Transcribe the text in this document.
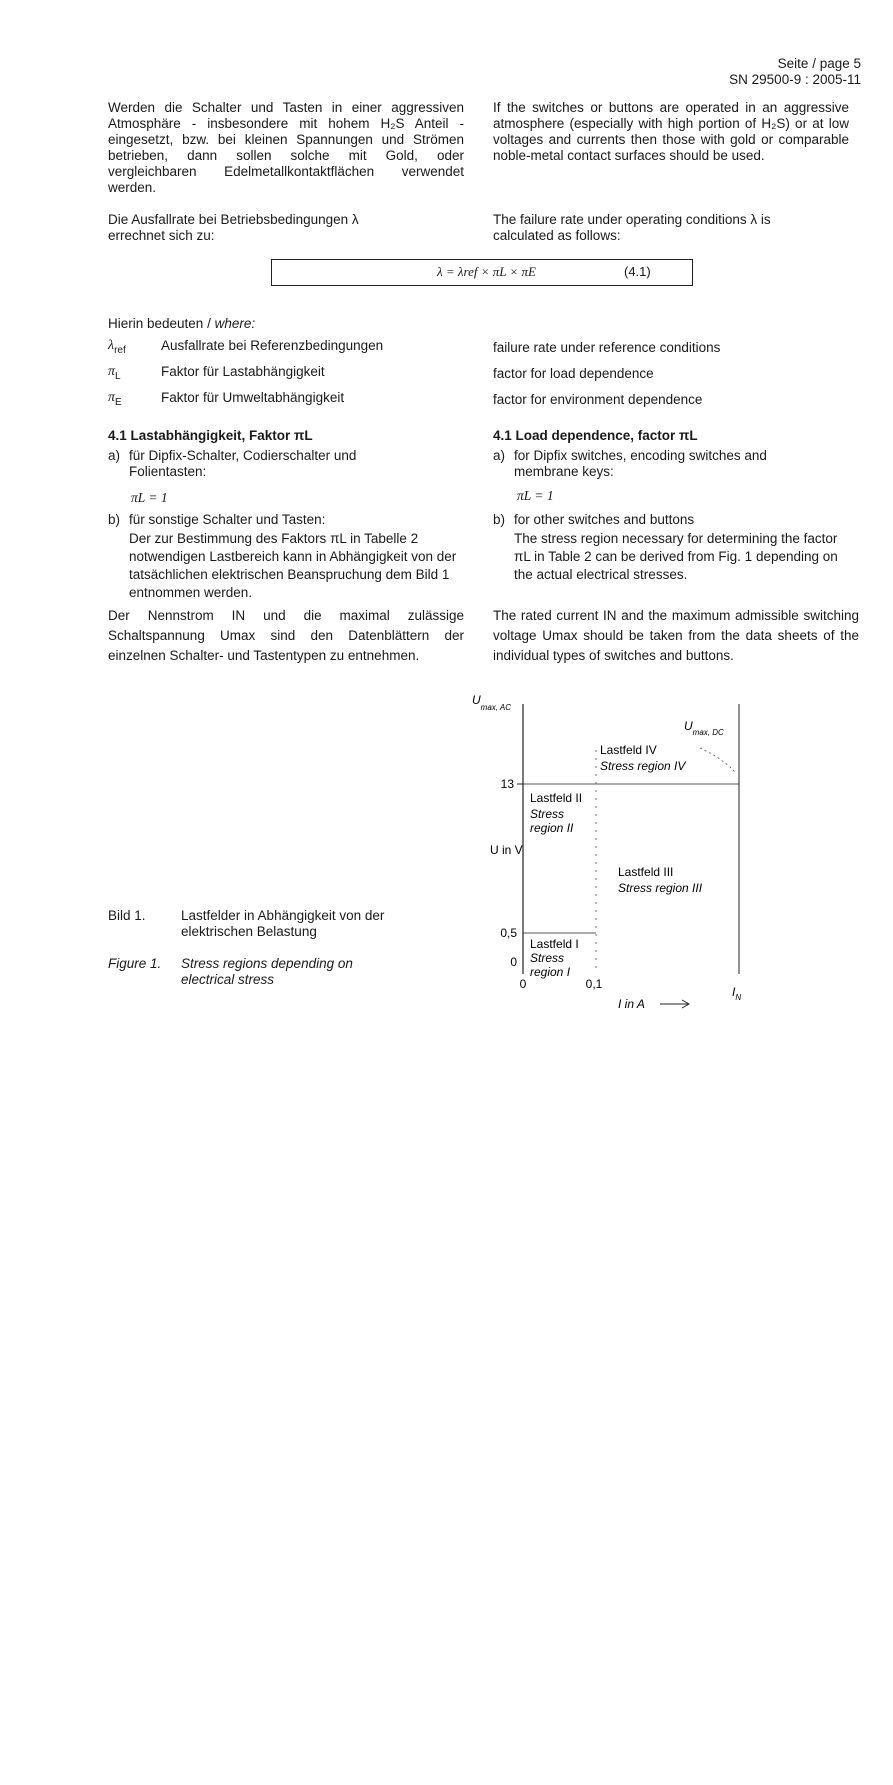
Seite / page 5
SN 29500-9 : 2005-11
Werden die Schalter und Tasten in einer aggressiven Atmosphäre - insbesondere mit hohem H₂S Anteil - eingesetzt, bzw. bei kleinen Spannungen und Strömen betrieben, dann sollen solche mit Gold, oder vergleichbaren Edelmetallkontaktflächen verwendet werden.
If the switches or buttons are operated in an aggressive atmosphere (especially with high portion of H₂S) or at low voltages and currents then those with gold or comparable noble-metal contact surfaces should be used.
Die Ausfallrate bei Betriebsbedingungen λ errechnet sich zu:
The failure rate under operating conditions λ is calculated as follows:
λ = λref × πL × πE	(4.1)
Hierin bedeuten / where:
$\lambda_{ref}$	Ausfallrate bei Referenzbedingungen	failure rate under reference conditions
$\pi_L$	Faktor für Lastabhängigkeit	factor for load dependence
$\pi_E$	Faktor für Umweltabhängigkeit	factor for environment dependence
4.1 Lastabhängigkeit, Faktor πL	4.1 Load dependence, factor πL
a) für Dipfix-Schalter, Codierschalter und Folientasten:
πL = 1
a) for Dipfix switches, encoding switches and membrane keys:
πL = 1
b) für sonstige Schalter und Tasten:
Der zur Bestimmung des Faktors πL in Tabelle 2 notwendigen Lastbereich kann in Abhängigkeit von der tatsächlichen elektrischen Beanspruchung dem Bild 1 entnommen werden.
b) for other switches and buttons
The stress region necessary for determining the factor πL in Table 2 can be derived from Fig. 1 depending on the actual electrical stresses.
Der Nennstrom IN und die maximal zulässige Schaltspannung Umax sind den Datenblättern der einzelnen Schalter- und Tastentypen zu entnehmen.
The rated current IN and the maximum admissible switching voltage Umax should be taken from the data sheets of the individual types of switches and buttons.
Bild 1.	Lastfelder in Abhängigkeit von der elektrischen Belastung
Figure 1. Stress regions depending on electrical stress
$U_{max, AC}$
U in V
13
0,5
0
0	0,1
I in A
$I_N$
$U_{max, DC}$
Lastfeld IV
Stress region IV
Lastfeld II
Stress
region II
Lastfeld III
Stress region III
Lastfeld I
Stress
region I
